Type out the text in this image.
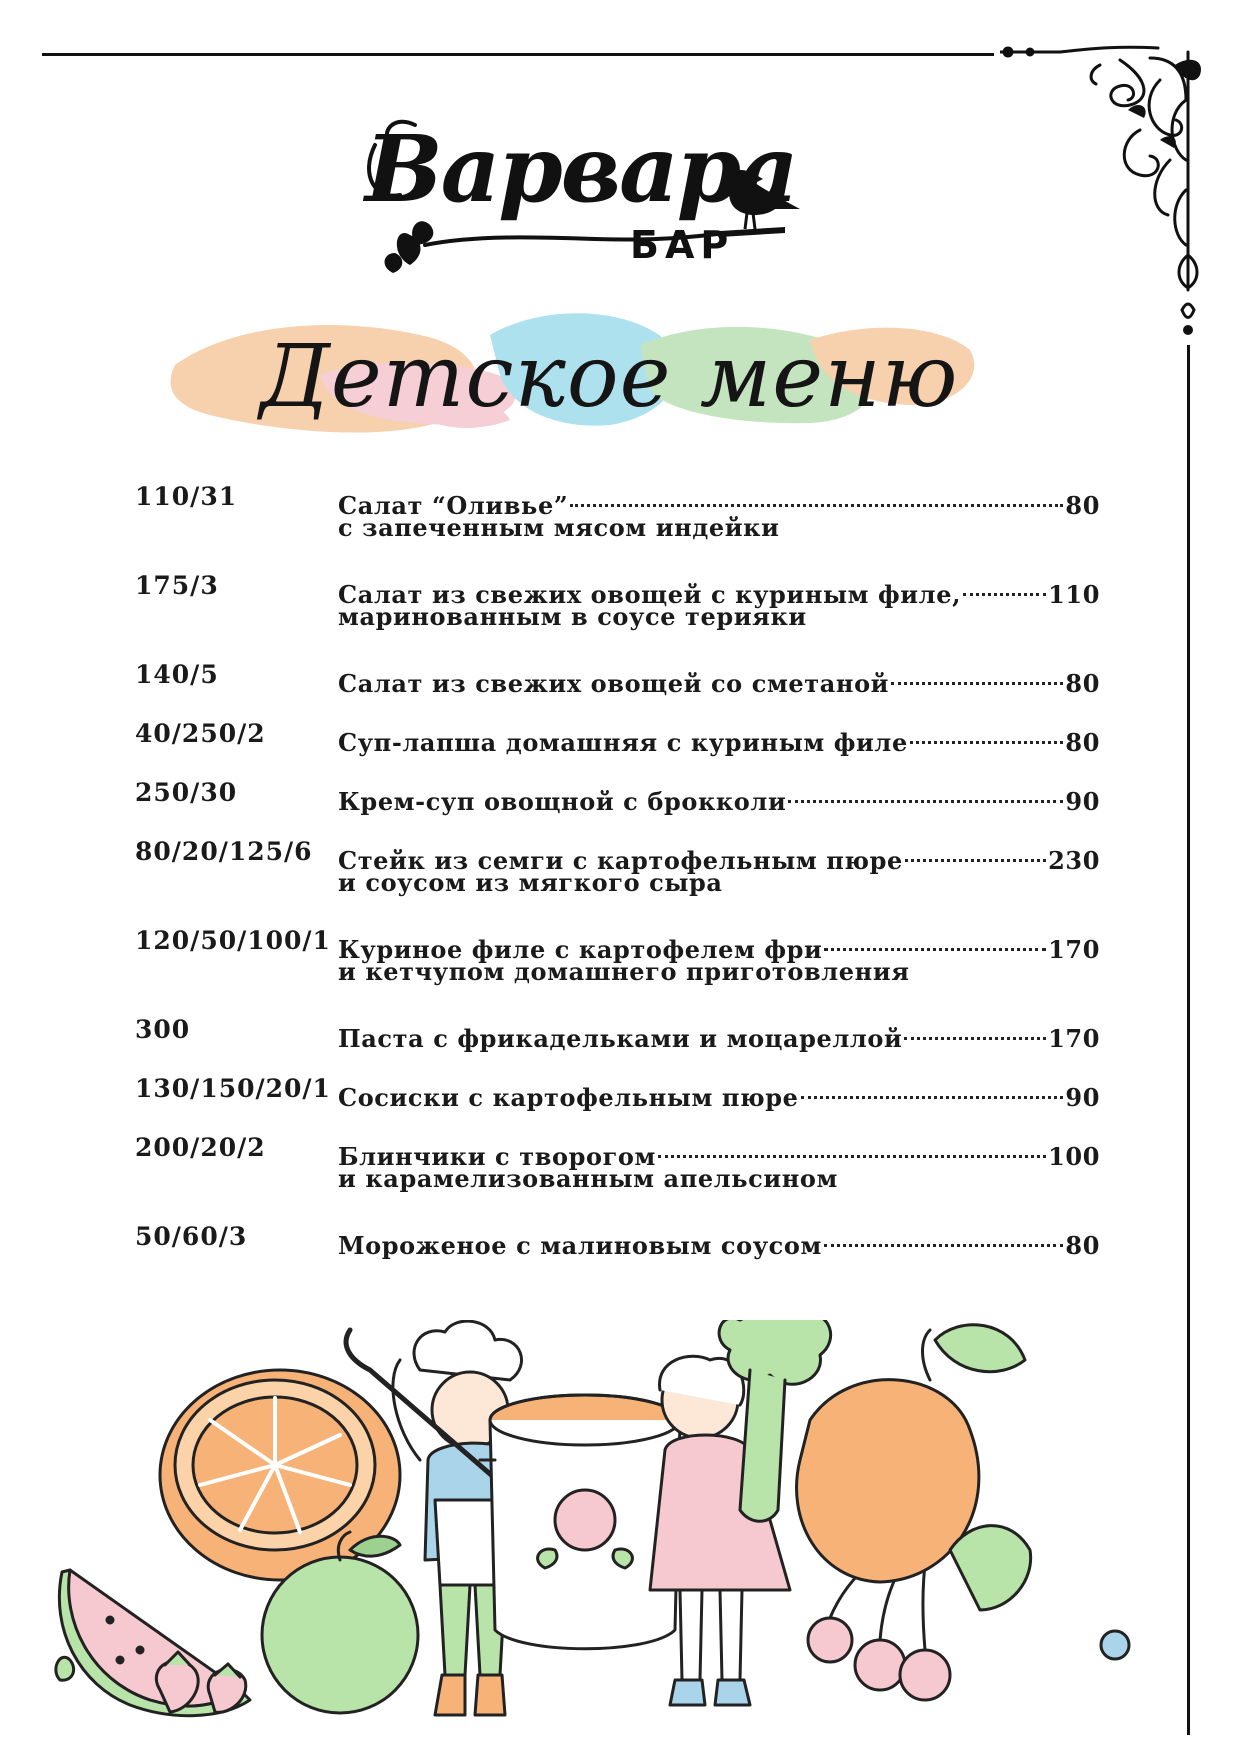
Варвара
БАР
Детское меню
110/31	Салат “Оливье”	80
с запеченным мясом индейки
175/3	Салат из свежих овощей с куриным филе,	110
маринованным в соусе терияки
140/5	Салат из свежих овощей со сметаной	80
40/250/2	Суп-лапша домашняя с куриным филе	80
250/30	Крем-суп овощной с брокколи	90
80/20/125/6 Стейк из семги с картофельным пюре	230
и соусом из мягкого сыра
120/50/100/1 Куриное филе с картофелем фри	170
и кетчупом домашнего приготовления
300	Паста с фрикадельками и моцареллой	170
130/150/20/1 Сосиски с картофельным пюре	90
200/20/2	Блинчики с творогом	100
и карамелизованным апельсином
50/60/3	Мороженое с малиновым соусом	80
